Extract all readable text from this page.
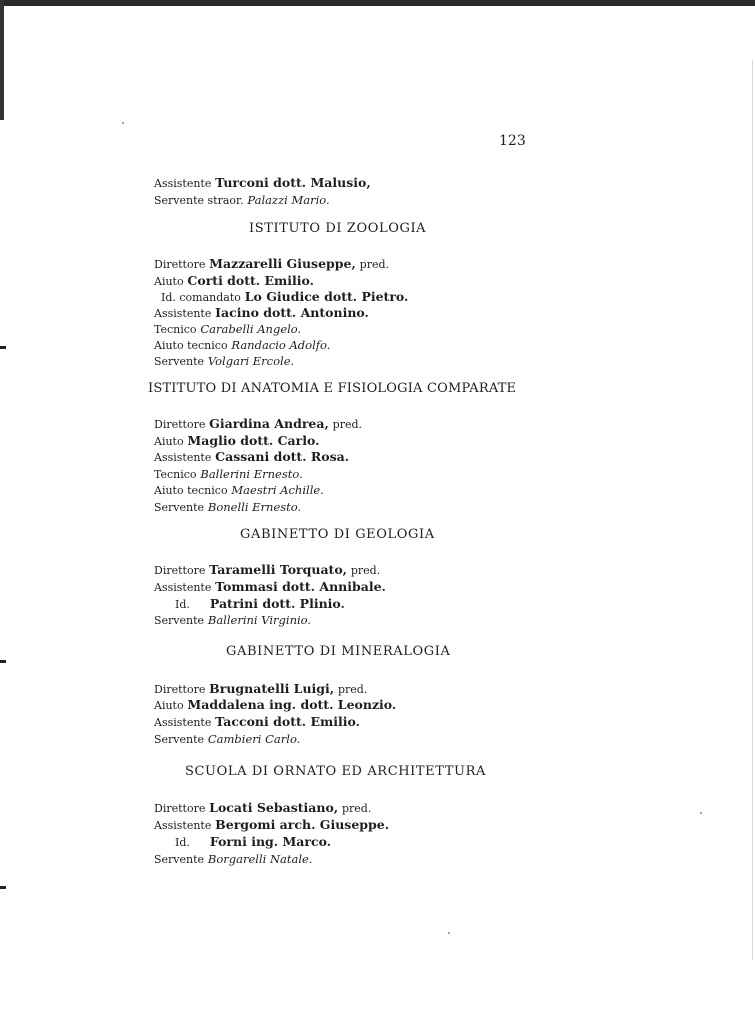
123
Assistente Turconi dott. Malusio,
Servente straor. Palazzi Mario.
ISTITUTO DI ZOOLOGIA
Direttore Mazzarelli Giuseppe, pred.
Aiuto Corti dott. Emilio.
Id. comandato Lo Giudice dott. Pietro.
Assistente Iacino dott. Antonino.
Tecnico Carabelli Angelo.
Aiuto tecnico Randacio Adolfo.
Servente Volgari Ercole.
ISTITUTO DI ANATOMIA E FISIOLOGIA COMPARATE
Direttore Giardina Andrea, pred.
Aiuto Maglio dott. Carlo.
Assistente Cassani dott. Rosa.
Tecnico Ballerini Ernesto.
Aiuto tecnico Maestri Achille.
Servente Bonelli Ernesto.
GABINETTO DI GEOLOGIA
Direttore Taramelli Torquato, pred.
Assistente Tommasi dott. Annibale.
Id. Patrini dott. Plinio.
Servente Ballerini Virginio.
GABINETTO DI MINERALOGIA
Direttore Brugnatelli Luigi, pred.
Aiuto Maddalena ing. dott. Leonzio.
Assistente Tacconi dott. Emilio.
Servente Cambieri Carlo.
SCUOLA DI ORNATO ED ARCHITETTURA
Direttore Locati Sebastiano, pred.
Assistente Bergomi arch. Giuseppe.
Id. Forni ing. Marco.
Servente Borgarelli Natale.
